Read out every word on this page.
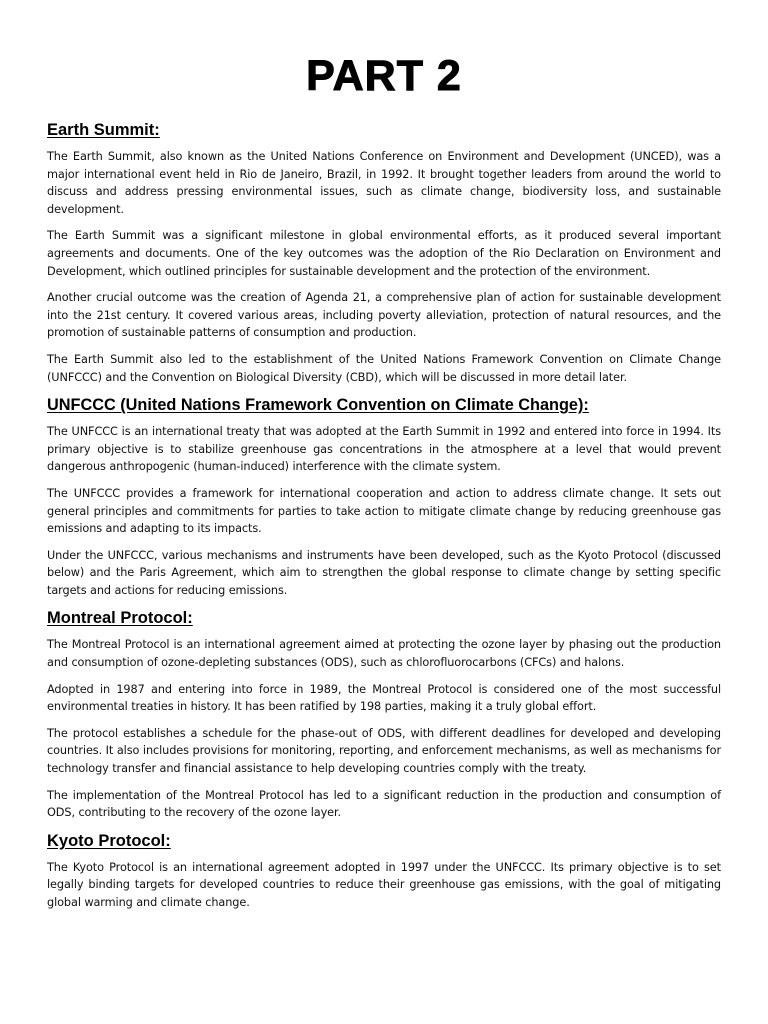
PART 2
Earth Summit:

The Earth Summit, also known as the United Nations Conference on Environment and Development (UNCED), was a major international event held in Rio de Janeiro, Brazil, in 1992. It brought together leaders from around the world to discuss and address pressing environmental issues, such as climate change, biodiversity loss, and sustainable development.

The Earth Summit was a significant milestone in global environmental efforts, as it produced several important agreements and documents. One of the key outcomes was the adoption of the Rio Declaration on Environment and Development, which outlined principles for sustainable development and the protection of the environment.

Another crucial outcome was the creation of Agenda 21, a comprehensive plan of action for sustainable development into the 21st century. It covered various areas, including poverty alleviation, protection of natural resources, and the promotion of sustainable patterns of consumption and production.

The Earth Summit also led to the establishment of the United Nations Framework Convention on Climate Change (UNFCCC) and the Convention on Biological Diversity (CBD), which will be discussed in more detail later.

UNFCCC (United Nations Framework Convention on Climate Change):

The UNFCCC is an international treaty that was adopted at the Earth Summit in 1992 and entered into force in 1994. Its primary objective is to stabilize greenhouse gas concentrations in the atmosphere at a level that would prevent dangerous anthropogenic (human-induced) interference with the climate system.

The UNFCCC provides a framework for international cooperation and action to address climate change. It sets out general principles and commitments for parties to take action to mitigate climate change by reducing greenhouse gas emissions and adapting to its impacts.

Under the UNFCCC, various mechanisms and instruments have been developed, such as the Kyoto Protocol (discussed below) and the Paris Agreement, which aim to strengthen the global response to climate change by setting specific targets and actions for reducing emissions.

Montreal Protocol:

The Montreal Protocol is an international agreement aimed at protecting the ozone layer by phasing out the production and consumption of ozone-depleting substances (ODS), such as chlorofluorocarbons (CFCs) and halons.

Adopted in 1987 and entering into force in 1989, the Montreal Protocol is considered one of the most successful environmental treaties in history. It has been ratified by 198 parties, making it a truly global effort.

The protocol establishes a schedule for the phase-out of ODS, with different deadlines for developed and developing countries. It also includes provisions for monitoring, reporting, and enforcement mechanisms, as well as mechanisms for technology transfer and financial assistance to help developing countries comply with the treaty.

The implementation of the Montreal Protocol has led to a significant reduction in the production and consumption of ODS, contributing to the recovery of the ozone layer.

Kyoto Protocol:

The Kyoto Protocol is an international agreement adopted in 1997 under the UNFCCC. Its primary objective is to set legally binding targets for developed countries to reduce their greenhouse gas emissions, with the goal of mitigating global warming and climate change.
